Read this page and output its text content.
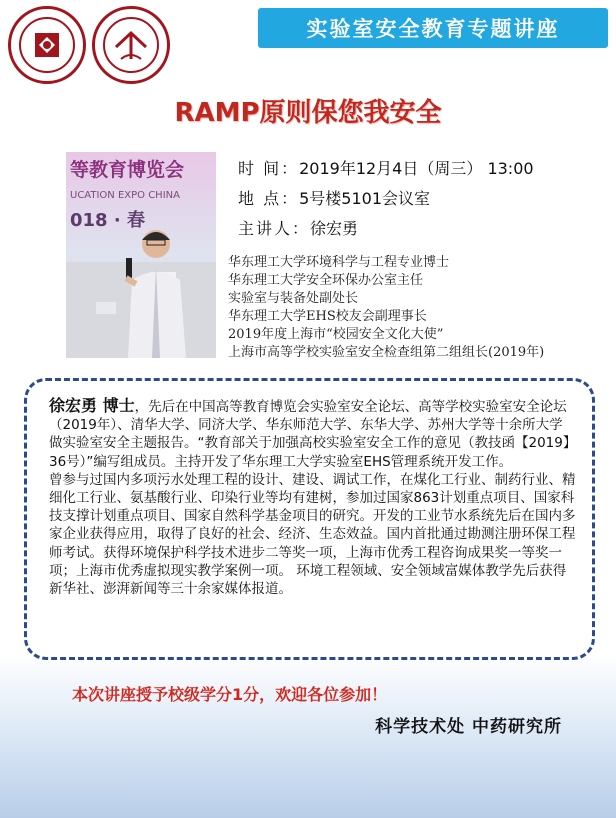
实验室安全教育专题讲座
RAMP原则保您我安全
等教育博览会
UCATION EXPO CHINA
018 · 春
时 间： 2019年12月4日（周三） 13:00
地 点： 5号楼5101会议室
主讲人： 徐宏勇
华东理工大学环境科学与工程专业博士
华东理工大学安全环保办公室主任
实验室与装备处副处长
华东理工大学EHS校友会副理事长
2019年度上海市“校园安全文化大使”
上海市高等学校实验室安全检查组第二组组长(2019年)

徐宏勇 博士，先后在中国高等教育博览会实验室安全论坛、高等学校实验室安全论坛（2019年）、清华大学、同济大学、华东师范大学、东华大学、苏州大学等十余所大学做实验室安全主题报告。“教育部关于加强高校实验室安全工作的意见（教技函【2019】36号）”编写组成员。主持开发了华东理工大学实验室EHS管理系统开发工作。

曾参与过国内多项污水处理工程的设计、建设、调试工作，在煤化工行业、制药行业、精细化工行业、氨基酸行业、印染行业等均有建树，参加过国家863计划重点项目、国家科技支撑计划重点项目、国家自然科学基金项目的研究。开发的工业节水系统先后在国内多家企业获得应用，取得了良好的社会、经济、生态效益。国内首批通过勘测注册环保工程师考试。获得环境保护科学技术进步二等奖一项，上海市优秀工程咨询成果奖一等奖一项；上海市优秀虚拟现实教学案例一项。 环境工程领域、安全领域富媒体教学先后获得新华社、澎湃新闻等三十余家媒体报道。

本次讲座授予校级学分1分，欢迎各位参加！
科学技术处 中药研究所
